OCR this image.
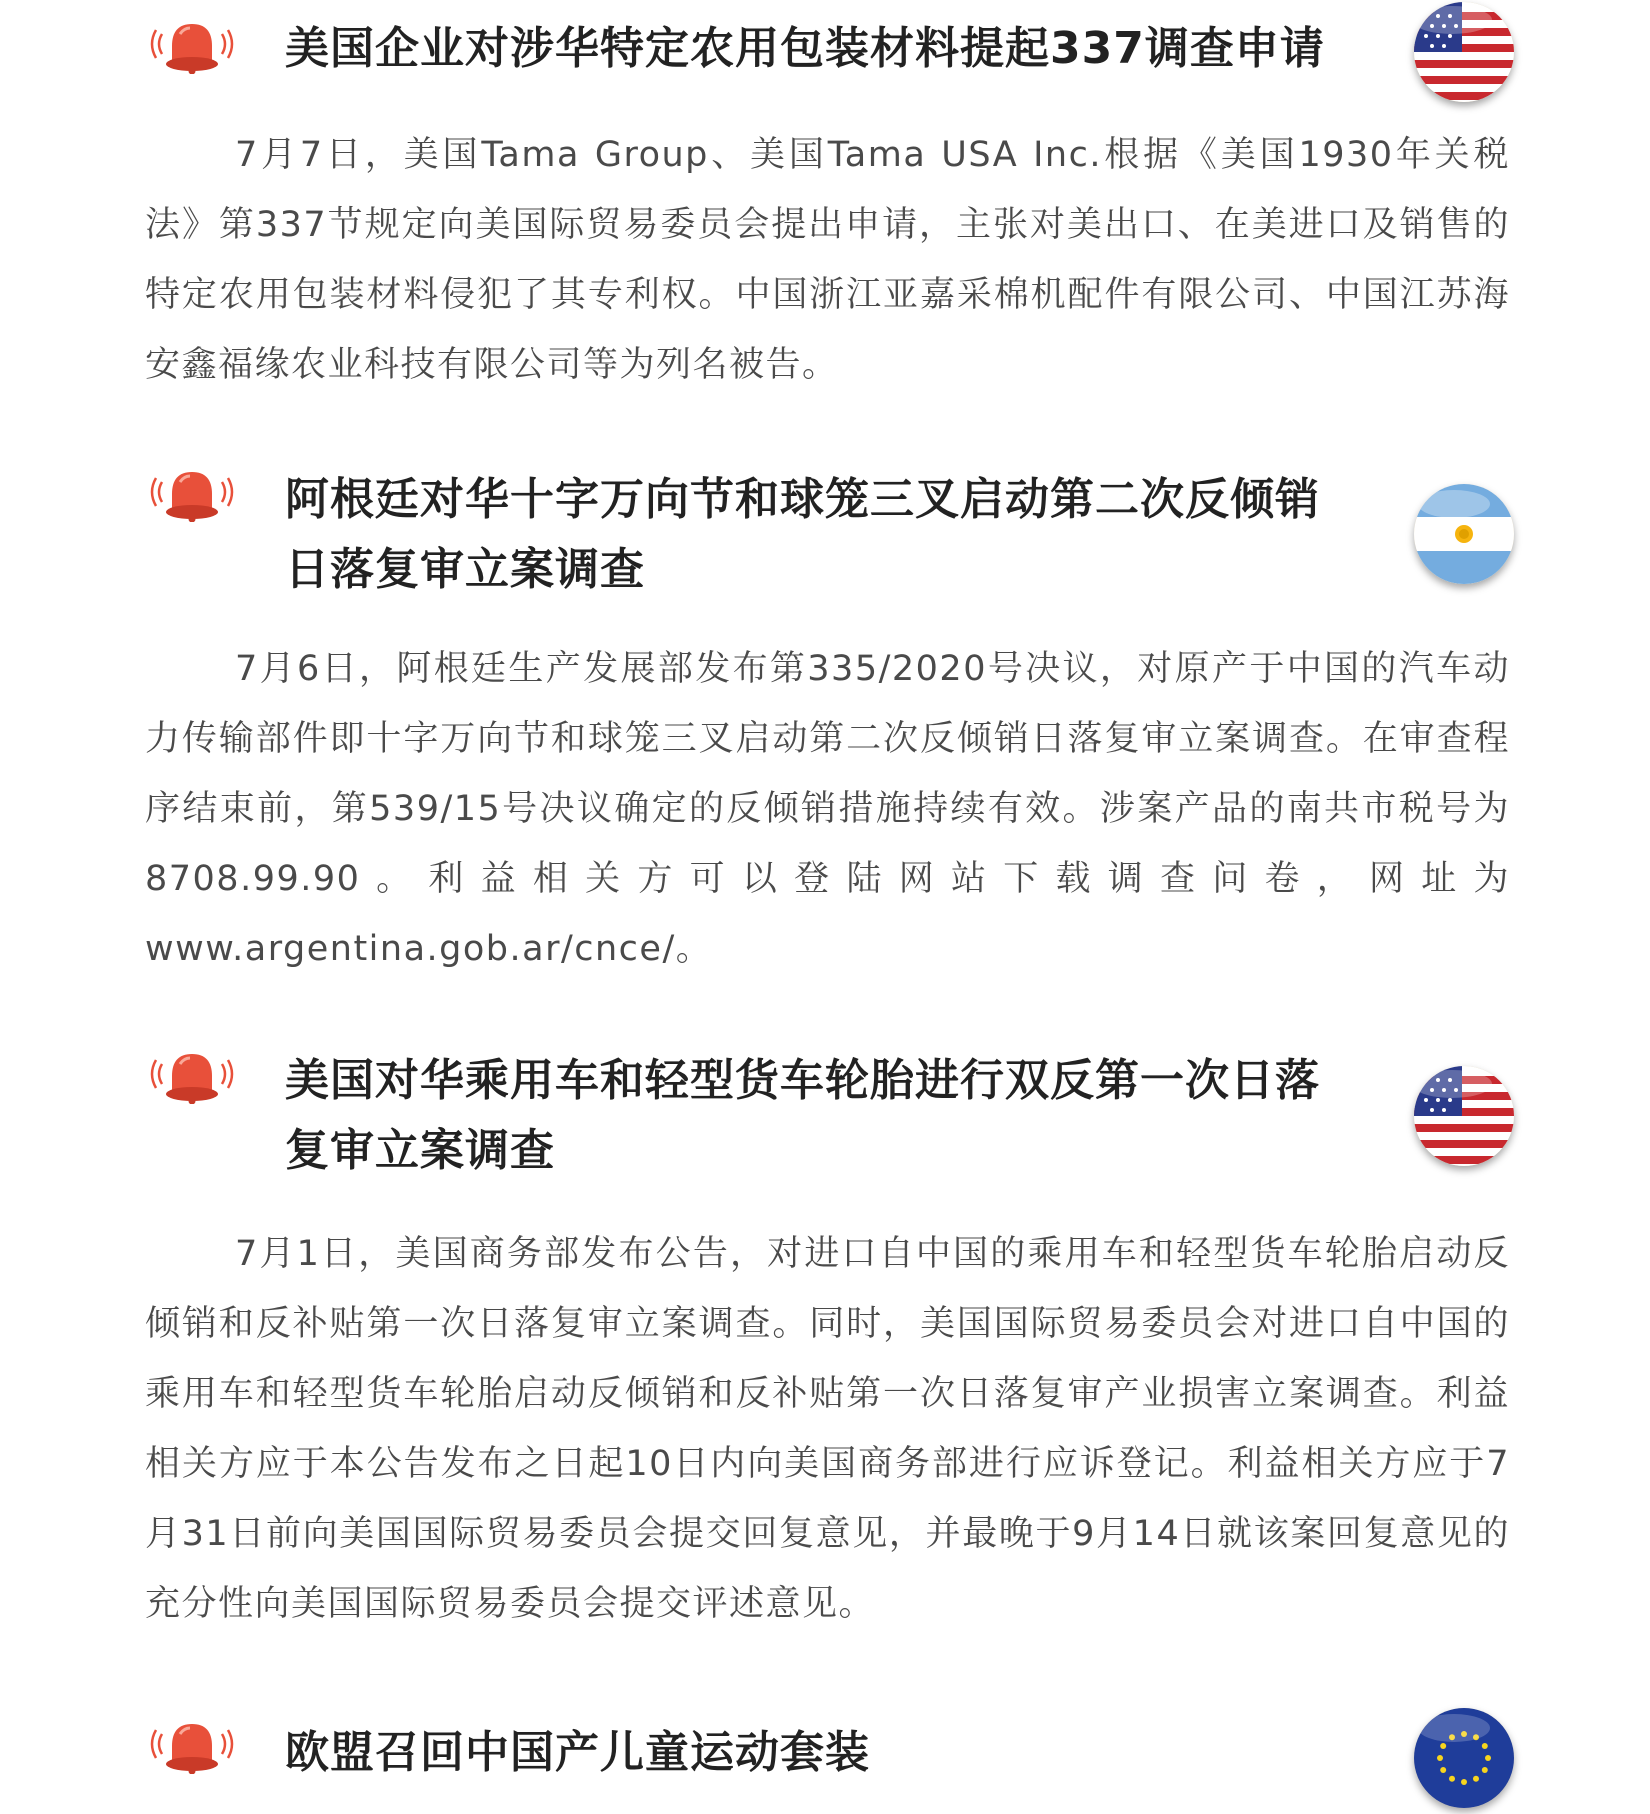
美国企业对涉华特定农用包装材料提起337调查申请

7月7日，美国Tama Group、美国Tama USA Inc.根据《美国1930年关税法》第337节规定向美国际贸易委员会提出申请，主张对美出口、在美进口及销售的特定农用包装材料侵犯了其专利权。中国浙江亚嘉采棉机配件有限公司、中国江苏海安鑫福缘农业科技有限公司等为列名被告。

阿根廷对华十字万向节和球笼三叉启动第二次反倾销日落复审立案调查

7月6日，阿根廷生产发展部发布第335/2020号决议，对原产于中国的汽车动力传输部件即十字万向节和球笼三叉启动第二次反倾销日落复审立案调查。在审查程序结束前，第539/15号决议确定的反倾销措施持续有效。涉案产品的南共市税号为8708.99.90。利益相关方可以登陆网站下载调查问卷，网址为www.argentina.gob.ar/cnce/。

美国对华乘用车和轻型货车轮胎进行双反第一次日落复审立案调查

7月1日，美国商务部发布公告，对进口自中国的乘用车和轻型货车轮胎启动反倾销和反补贴第一次日落复审立案调查。同时，美国国际贸易委员会对进口自中国的乘用车和轻型货车轮胎启动反倾销和反补贴第一次日落复审产业损害立案调查。利益相关方应于本公告发布之日起10日内向美国商务部进行应诉登记。利益相关方应于7月31日前向美国国际贸易委员会提交回复意见，并最晚于9月14日就该案回复意见的充分性向美国国际贸易委员会提交评述意见。

欧盟召回中国产儿童运动套装
